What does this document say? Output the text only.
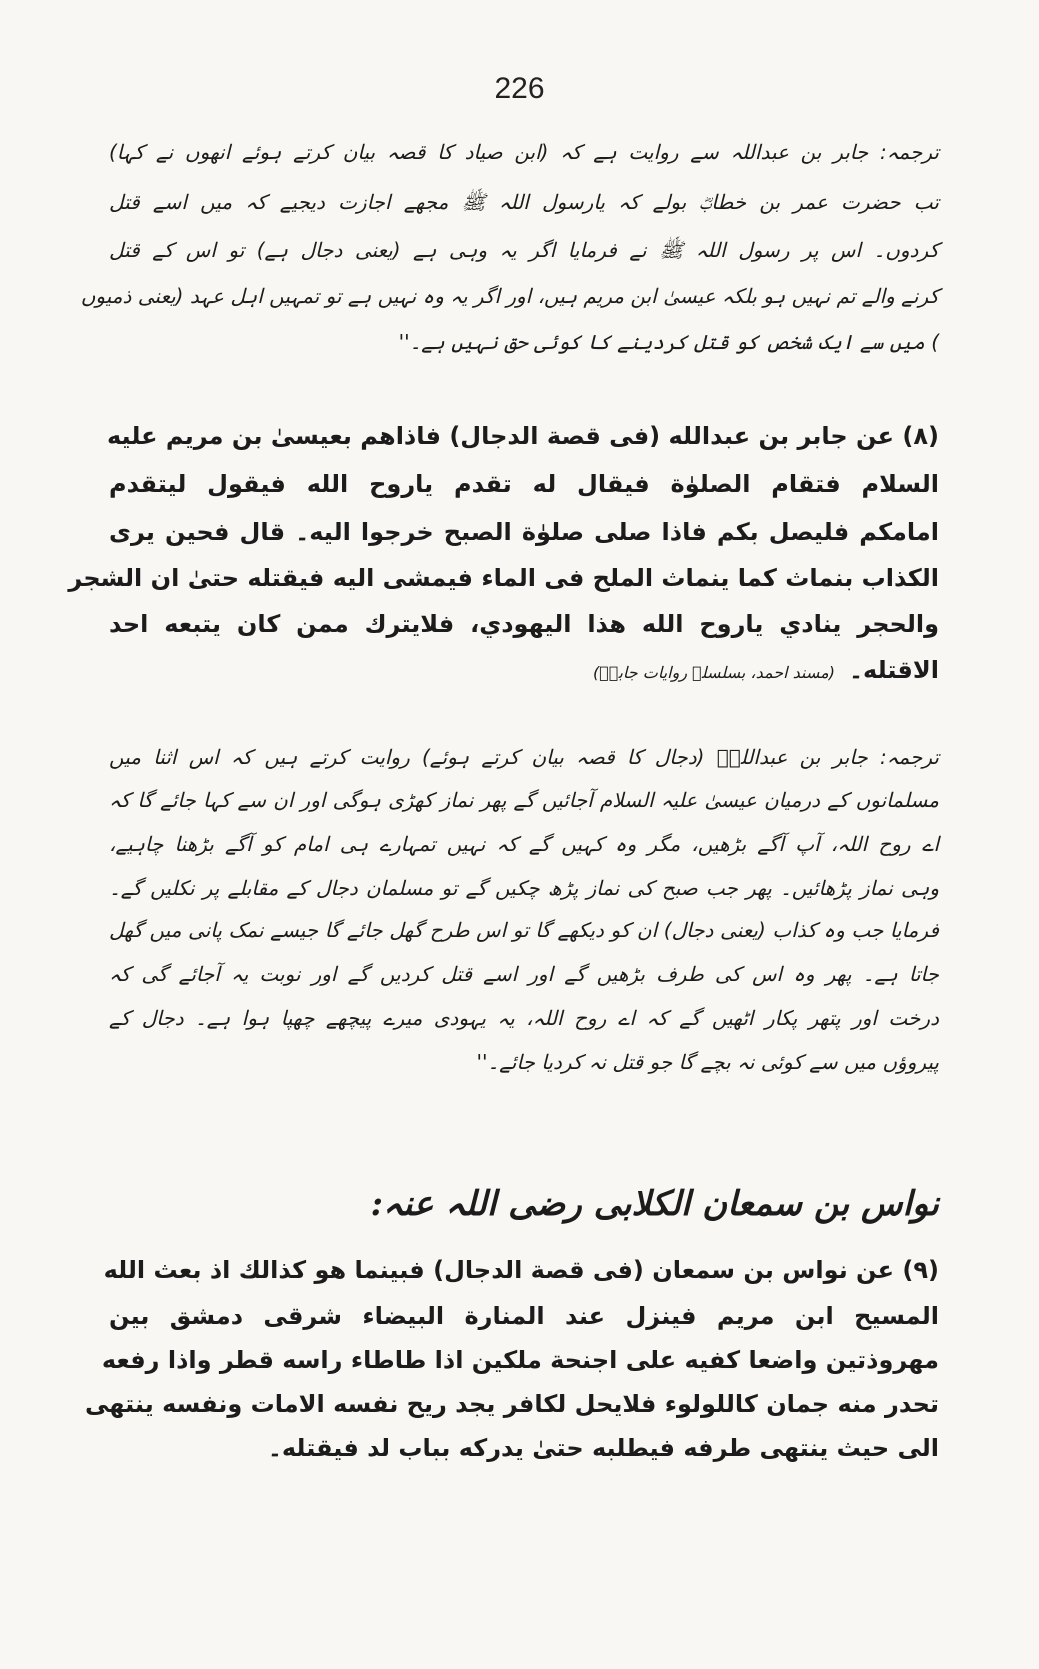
226
ترجمہ: جابر بن عبداللہ سے روایت ہے کہ (ابن صیاد کا قصہ بیان کرتے ہوئے انھوں نے کہا)
تب حضرت عمر بن خطابؓ بولے کہ یارسول اللہ ﷺ مجھے اجازت دیجیے کہ میں اسے قتل
کردوں۔ اس پر رسول اللہ ﷺ نے فرمایا اگر یہ وہی ہے (یعنی دجال ہے) تو اس کے قتل
کرنے والے تم نہیں ہو بلکہ عیسیٰ ابن مریم ہیں، اور اگر یہ وہ نہیں ہے تو تمہیں اہل عہد (یعنی ذمیوں
) میں سے ایک شخص کو قتل کردینے کا کوئی حق نہیں ہے۔''
(٨) عن جابر بن عبدالله (فى قصة الدجال) فاذاهم بعيسىٰ بن مريم عليه
السلام فتقام الصلوٰة فيقال له تقدم ياروح الله فيقول ليتقدم
امامكم فليصل بكم فاذا صلى صلوٰة الصبح خرجوا اليه۔ قال فحين يرى
الكذاب بنماث كما ينماث الملح فى الماء فيمشى اليه فيقتله حتىٰ ان الشجر
والحجر ينادي ياروح الله هذا اليهودي، فلايترك ممن كان يتبعه احد
الاقتله۔(مسند احمد، بسلسلہ روایات جابرؓ)
ترجمہ: جابر بن عبداللہؓ (دجال کا قصہ بیان کرتے ہوئے) روایت کرتے ہیں کہ اس اثنا میں
مسلمانوں کے درمیان عیسیٰ علیہ السلام آجائیں گے پھر نماز کھڑی ہوگی اور ان سے کہا جائے گا کہ
اے روح اللہ، آپ آگے بڑھیں، مگر وہ کہیں گے کہ نہیں تمہارے ہی امام کو آگے بڑھنا چاہیے،
وہی نماز پڑھائیں۔ پھر جب صبح کی نماز پڑھ چکیں گے تو مسلمان دجال کے مقابلے پر نکلیں گے۔
فرمایا جب وہ کذاب (یعنی دجال) ان کو دیکھے گا تو اس طرح گھل جائے گا جیسے نمک پانی میں گھل
جاتا ہے۔ پھر وہ اس کی طرف بڑھیں گے اور اسے قتل کردیں گے اور نوبت یہ آجائے گی کہ
درخت اور پتھر پکار اٹھیں گے کہ اے روح اللہ، یہ یہودی میرے پیچھے چھپا ہوا ہے۔ دجال کے
پیروؤں میں سے کوئی نہ بچے گا جو قتل نہ کردیا جائے۔''
نواس بن سمعان الکلابی رضی اللہ عنہ:
(٩) عن نواس بن سمعان (فى قصة الدجال) فبينما هو كذالك اذ بعث الله
المسيح ابن مريم فينزل عند المنارة البيضاء شرقى دمشق بين
مهروذتين واضعا كفيه على اجنحة ملكين اذا طاطاء راسه قطر واذا رفعه
تحدر منه جمان كاللولوء فلايحل لكافر يجد ريح نفسه الامات ونفسه ينتهى
الى حيث ينتهى طرفه فيطلبه حتىٰ يدركه بباب لد فيقتله۔
